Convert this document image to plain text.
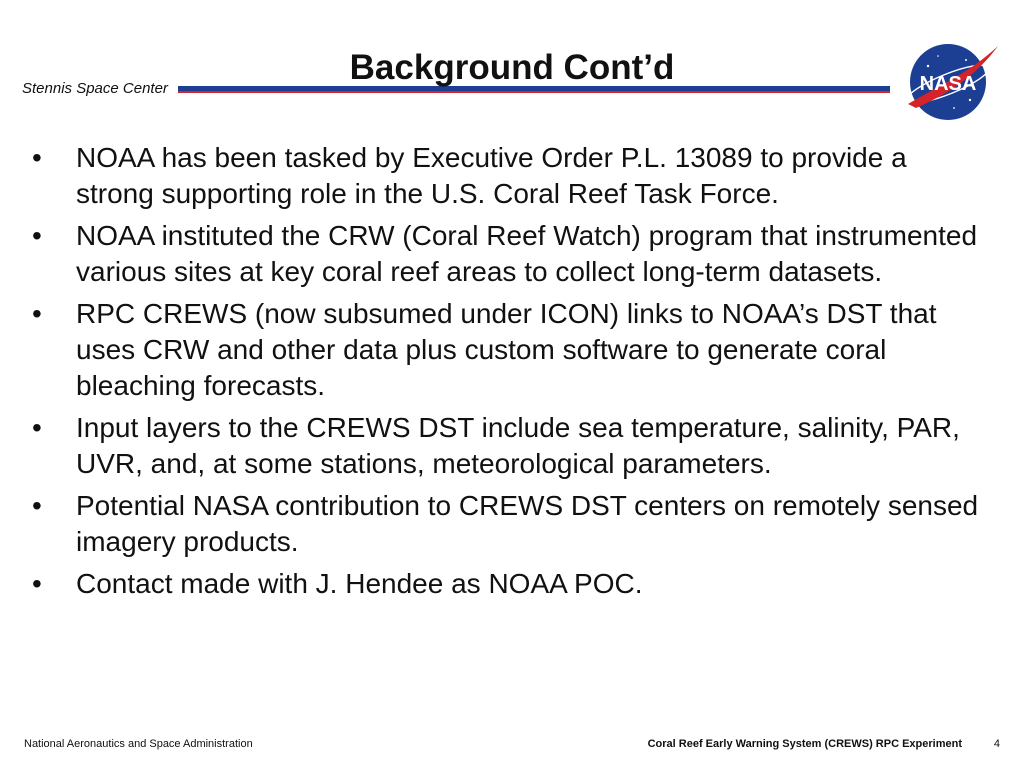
Stennis Space Center
Background Cont’d	NASA
• NOAA has been tasked by Executive Order P.L. 13089 to provide a strong supporting role in the U.S. Coral Reef Task Force.
• NOAA instituted the CRW (Coral Reef Watch) program that instrumented various sites at key coral reef areas to collect long-term datasets.
• RPC CREWS (now subsumed under ICON) links to NOAA’s DST that uses CRW and other data plus custom software to generate coral bleaching forecasts.
• Input layers to the CREWS DST include sea temperature, salinity, PAR, UVR, and, at some stations, meteorological parameters.
• Potential NASA contribution to CREWS DST centers on remotely sensed imagery products.
• Contact made with J. Hendee as NOAA POC.
National Aeronautics and Space Administration	Coral Reef Early Warning System (CREWS) RPC Experiment	4
